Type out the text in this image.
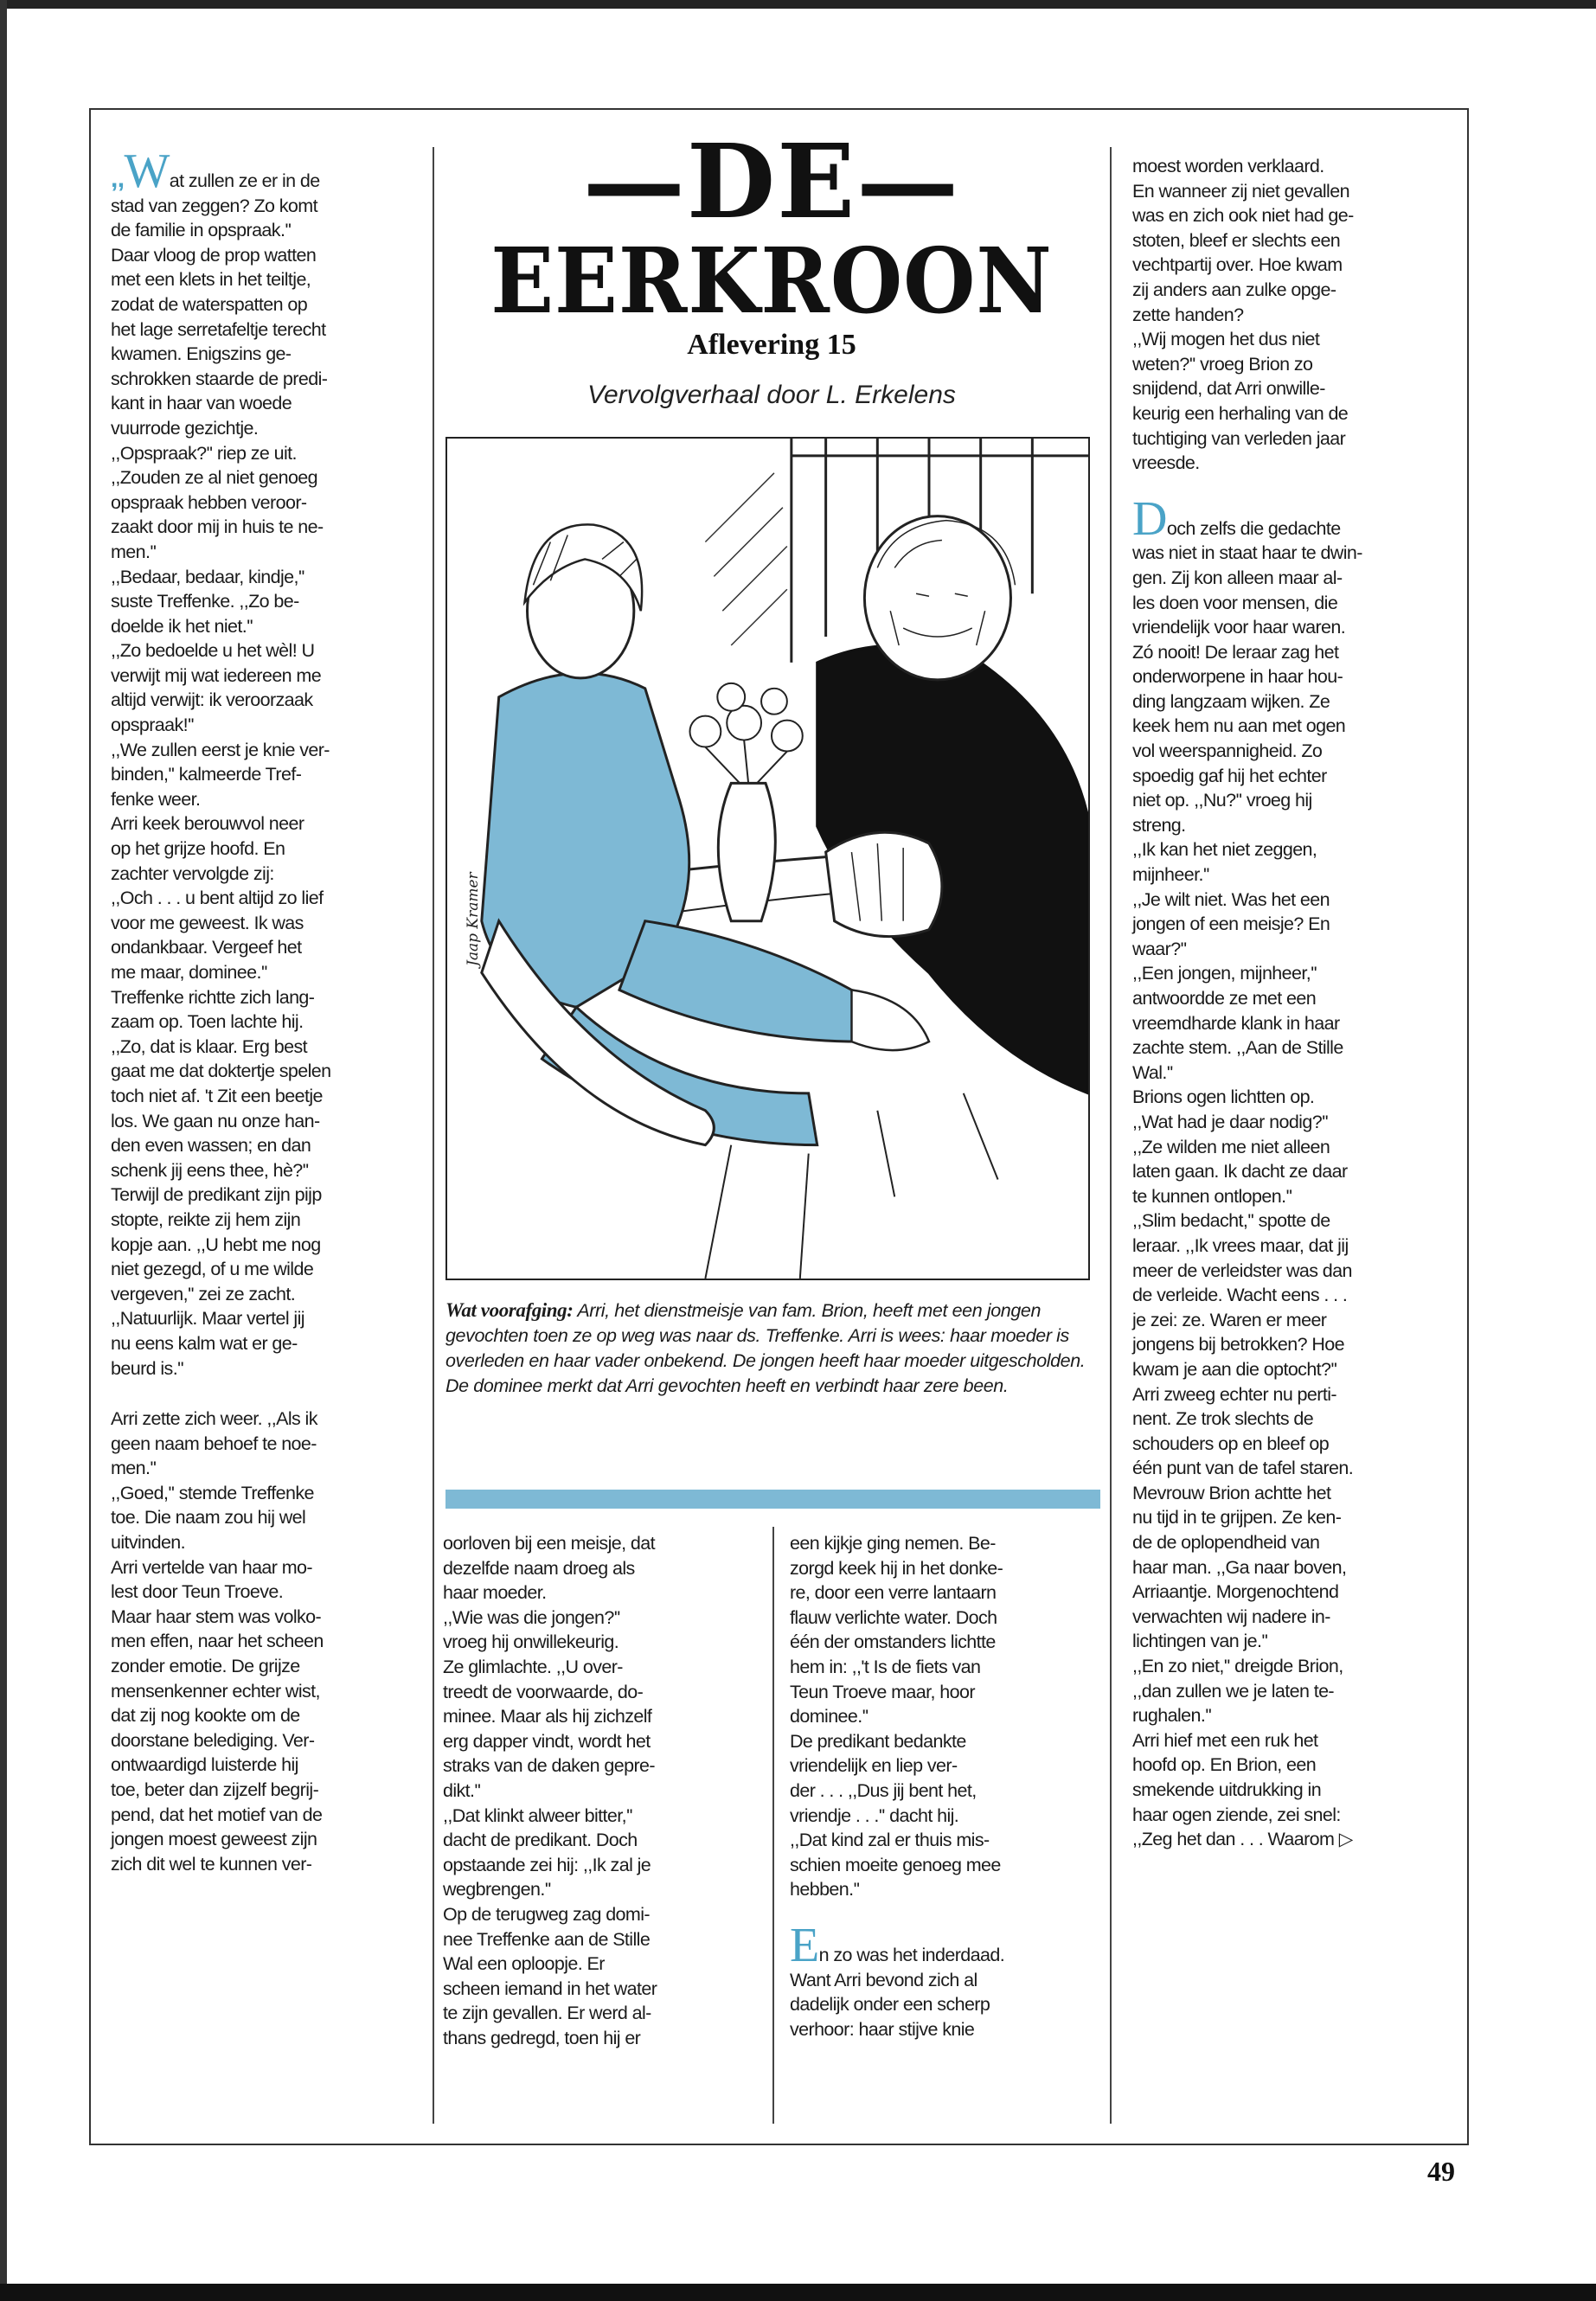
,,Wat zullen ze er in de
stad van zeggen? Zo komt
de familie in opspraak.''
Daar vloog de prop watten
met een klets in het teiltje,
zodat de waterspatten op
het lage serretafeltje terecht
kwamen. Enigszins ge-
schrokken staarde de predi-
kant in haar van woede
vuurrode gezichtje.
,,Opspraak?'' riep ze uit.
,,Zouden ze al niet genoeg
opspraak hebben veroor-
zaakt door mij in huis te ne-
men.''
,,Bedaar, bedaar, kindje,''
suste Treffenke. ,,Zo be-
doelde ik het niet.''
,,Zo bedoelde u het wèl! U
verwijt mij wat iedereen me
altijd verwijt: ik veroorzaak
opspraak!''
,,We zullen eerst je knie ver-
binden,'' kalmeerde Tref-
fenke weer.
Arri keek berouwvol neer
op het grijze hoofd. En
zachter vervolgde zij:
,,Och . . . u bent altijd zo lief
voor me geweest. Ik was
ondankbaar. Vergeef het
me maar, dominee.''
Treffenke richtte zich lang-
zaam op. Toen lachte hij.
,,Zo, dat is klaar. Erg best
gaat me dat doktertje spelen
toch niet af. 't Zit een beetje
los. We gaan nu onze han-
den even wassen; en dan
schenk jij eens thee, hè?''
Terwijl de predikant zijn pijp
stopte, reikte zij hem zijn
kopje aan. ,,U hebt me nog
niet gezegd, of u me wilde
vergeven,'' zei ze zacht.
,,Natuurlijk. Maar vertel jij
nu eens kalm wat er ge-
beurd is.''

Arri zette zich weer. ,,Als ik
geen naam behoef te noe-
men.''
,,Goed,'' stemde Treffenke
toe. Die naam zou hij wel
uitvinden.
Arri vertelde van haar mo-
lest door Teun Troeve.
Maar haar stem was volko-
men effen, naar het scheen
zonder emotie. De grijze
mensenkenner echter wist,
dat zij nog kookte om de
doorstane belediging. Ver-
ontwaardigd luisterde hij
toe, beter dan zijzelf begrij-
pend, dat het motief van de
jongen moest geweest zijn
zich dit wel te kunnen ver-

—DE—
EERKROON
Aflevering 15
Vervolgverhaal door L. Erkelens
Jaap Kramer
Wat voorafging: Arri, het dienstmeisje van fam. Brion, heeft met een jongen gevochten toen ze op weg was naar ds. Treffenke. Arri is wees: haar moeder is overleden en haar vader onbekend. De jongen heeft haar moeder uitgescholden. De dominee merkt dat Arri gevochten heeft en verbindt haar zere been.

oorloven bij een meisje, dat
dezelfde naam droeg als
haar moeder.
,,Wie was die jongen?''
vroeg hij onwillekeurig.
Ze glimlachte. ,,U over-
treedt de voorwaarde, do-
minee. Maar als hij zichzelf
erg dapper vindt, wordt het
straks van de daken gepre-
dikt.''
,,Dat klinkt alweer bitter,''
dacht de predikant. Doch
opstaande zei hij: ,,Ik zal je
wegbrengen.''
Op de terugweg zag domi-
nee Treffenke aan de Stille
Wal een oploopje. Er
scheen iemand in het water
te zijn gevallen. Er werd al-
thans gedregd, toen hij er

een kijkje ging nemen. Be-
zorgd keek hij in het donke-
re, door een verre lantaarn
flauw verlichte water. Doch
één der omstanders lichtte
hem in: ,,'t Is de fiets van
Teun Troeve maar, hoor
dominee.''
De predikant bedankte
vriendelijk en liep ver-
der . . . ,,Dus jij bent het,
vriendje . . .'' dacht hij.
,,Dat kind zal er thuis mis-
schien moeite genoeg mee
hebben.''

En zo was het inderdaad.
Want Arri bevond zich al
dadelijk onder een scherp
verhoor: haar stijve knie

moest worden verklaard.
En wanneer zij niet gevallen
was en zich ook niet had ge-
stoten, bleef er slechts een
vechtpartij over. Hoe kwam
zij anders aan zulke opge-
zette handen?
,,Wij mogen het dus niet
weten?'' vroeg Brion zo
snijdend, dat Arri onwille-
keurig een herhaling van de
tuchtiging van verleden jaar
vreesde.

Doch zelfs die gedachte
was niet in staat haar te dwin-
gen. Zij kon alleen maar al-
les doen voor mensen, die
vriendelijk voor haar waren.
Zó nooit! De leraar zag het
onderworpene in haar hou-
ding langzaam wijken. Ze
keek hem nu aan met ogen
vol weerspannigheid. Zo
spoedig gaf hij het echter
niet op. ,,Nu?'' vroeg hij
streng.
,,Ik kan het niet zeggen,
mijnheer.''
,,Je wilt niet. Was het een
jongen of een meisje? En
waar?''
,,Een jongen, mijnheer,''
antwoordde ze met een
vreemdharde klank in haar
zachte stem. ,,Aan de Stille
Wal.''
Brions ogen lichtten op.
,,Wat had je daar nodig?''
,,Ze wilden me niet alleen
laten gaan. Ik dacht ze daar
te kunnen ontlopen.''
,,Slim bedacht,'' spotte de
leraar. ,,Ik vrees maar, dat jij
meer de verleidster was dan
de verleide. Wacht eens . . .
je zei: ze. Waren er meer
jongens bij betrokken? Hoe
kwam je aan die optocht?''
Arri zweeg echter nu perti-
nent. Ze trok slechts de
schouders op en bleef op
één punt van de tafel staren.
Mevrouw Brion achtte het
nu tijd in te grijpen. Ze ken-
de de oplopendheid van
haar man. ,,Ga naar boven,
Arriaantje. Morgenochtend
verwachten wij nadere in-
lichtingen van je.''
,,En zo niet,'' dreigde Brion,
,,dan zullen we je laten te-
rughalen.''
Arri hief met een ruk het
hoofd op. En Brion, een
smekende uitdrukking in
haar ogen ziende, zei snel:
,,Zeg het dan . . . Waarom ▷

49
